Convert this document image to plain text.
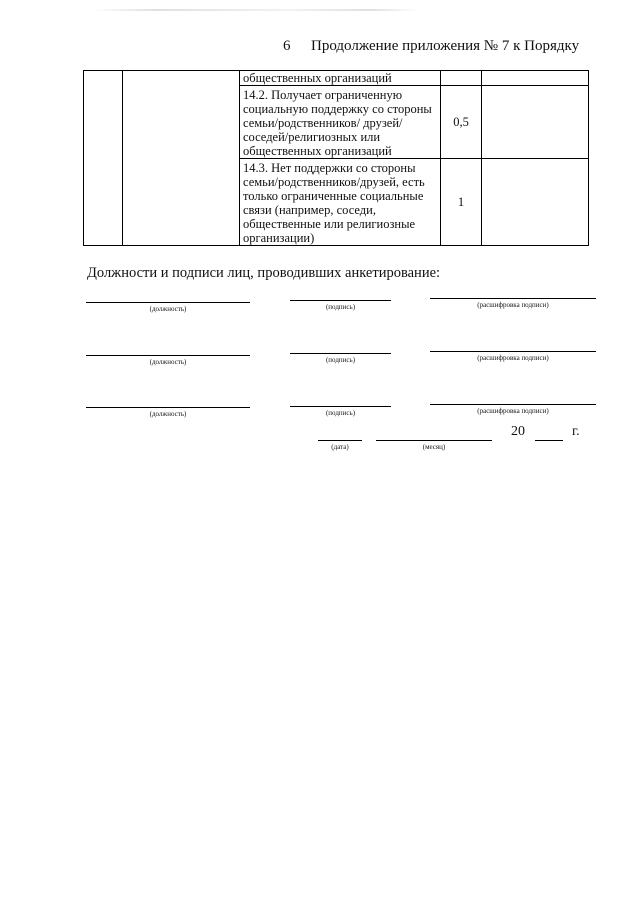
6 Продолжение приложения № 7 к Порядку
		общественных организаций		
		14.2. Получает ограниченную социальную поддержку со стороны семьи/родственников/ друзей/соседей/религиозных или общественных организаций	0,5	
		14.3. Нет поддержки со стороны семьи/родственников/друзей, есть только ограниченные социальные связи (например, соседи, общественные или религиозные организации)	1	
Должности и подписи лиц, проводивших анкетирование:
(должность)	(подпись)	(расшифровка подписи)
(должность)	(подпись)	(расшифровка подписи)
(должность)	(подпись)	(расшифровка подписи)
(дата)	(месяц)
20	г.
